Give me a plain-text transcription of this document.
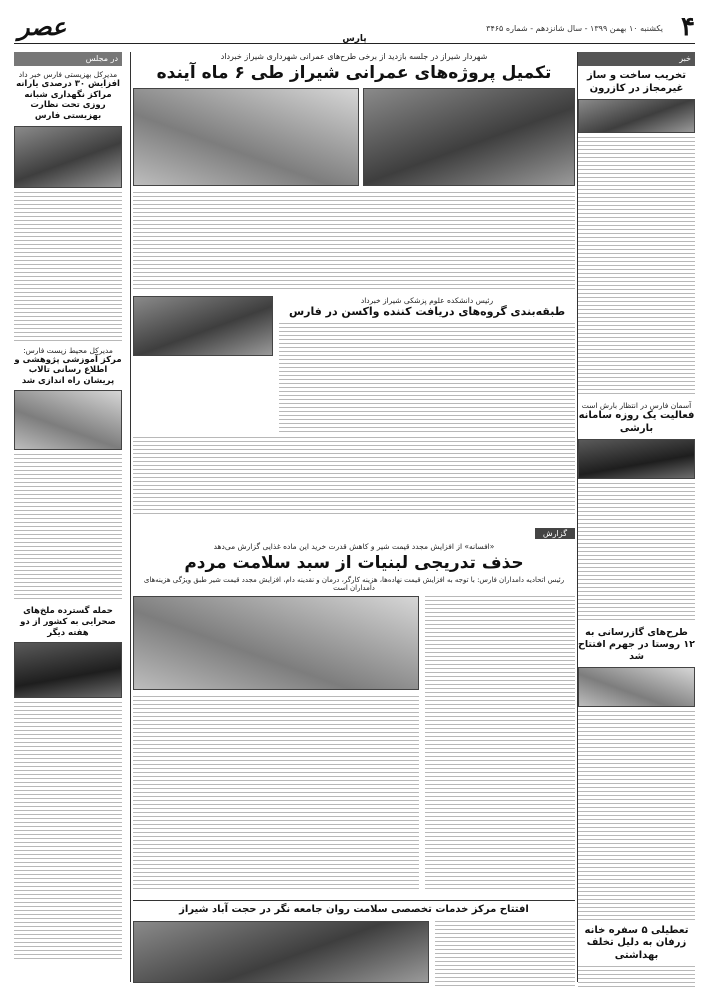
۴
یکشنبه ۱۰ بهمن ۱۳۹۹ - سال شانزدهم - شماره ۳۴۶۵
عصر	پارس
خبر
تخریب ساخت و ساز غیرمجاز در کازرون
آسمان فارس در انتظار بارش است
فعالیت یک روزه سامانه بارشی
طرح‌های گازرسانی به ۱۲ روستا در جهرم افتتاح شد
تعطیلی ۵ سفره خانه زرفان به دلیل تخلف بهداشتی
در مجلس
مدیرکل بهزیستی فارس خبر داد
افزایش ۳۰ درصدی یارانه مراکز نگهداری شبانه روزی تحت نظارت بهزیستی فارس
مدیرکل محیط زیست فارس:
مرکز آموزشی پژوهشی و اطلاع رسانی تالاب پریشان راه اندازی شد
حمله گسترده ملخ‌های صحرایی به کشور از دو هفته دیگر
شهردار شیراز در جلسه بازدید از برخی طرح‌های عمرانی شهرداری شیراز خبرداد
تکمیل پروژه‌های عمرانی شیراز طی ۶ ماه آینده
رئیس دانشکده علوم پزشکی شیراز خبرداد
طبقه‌بندی گروه‌های دریافت کننده واکسن در فارس
گزارش
«افسانه» از افزایش مجدد قیمت شیر و کاهش قدرت خرید این ماده غذایی گزارش می‌دهد
حذف تدریجی لبنیات از سبد سلامت مردم
رئیس اتحادیه دامداران فارس: با توجه به افزایش قیمت نهاده‌ها، هزینه کارگر، درمان و نقدینه دام، افزایش مجدد قیمت شیر طبق ویژگی هزینه‌های دامداران است
افتتاح مرکز خدمات تخصصی سلامت روان جامعه نگر در حجت آباد شیراز
